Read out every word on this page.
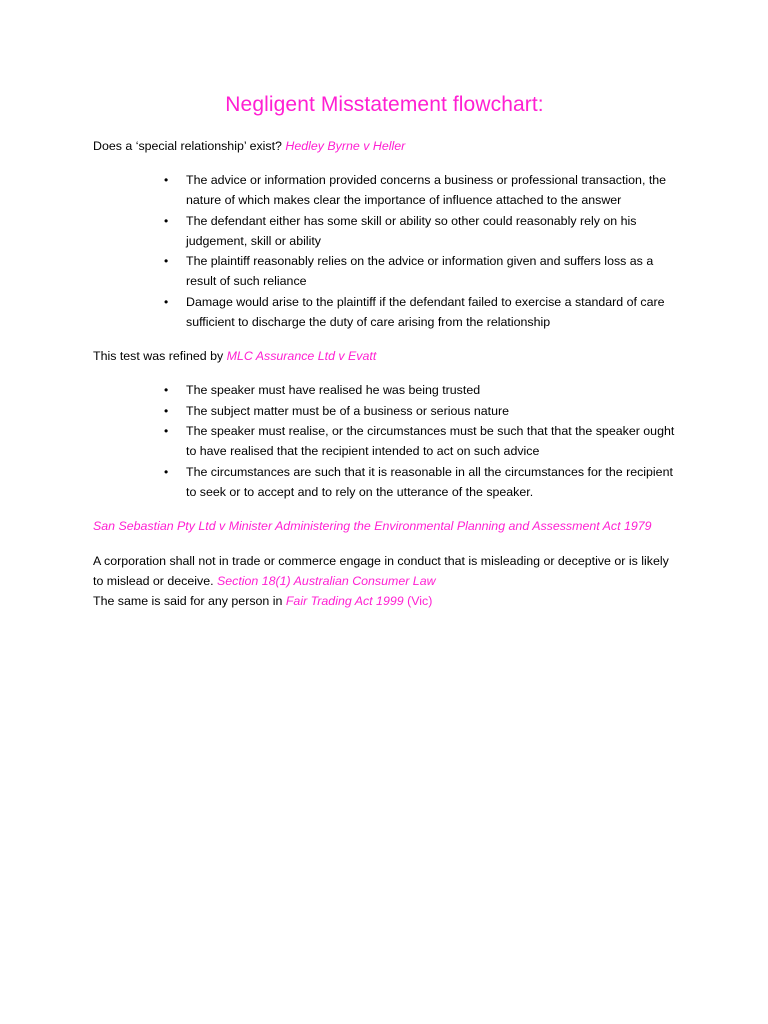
Negligent Misstatement flowchart:

Does a ‘special relationship’ exist? Hedley Byrne v Heller

• The advice or information provided concerns a business or professional transaction, the nature of which makes clear the importance of influence attached to the answer
• The defendant either has some skill or ability so other could reasonably rely on his judgement, skill or ability
• The plaintiff reasonably relies on the advice or information given and suffers loss as a result of such reliance
• Damage would arise to the plaintiff if the defendant failed to exercise a standard of care sufficient to discharge the duty of care arising from the relationship

This test was refined by MLC Assurance Ltd v Evatt

• The speaker must have realised he was being trusted
• The subject matter must be of a business or serious nature
• The speaker must realise, or the circumstances must be such that that the speaker ought to have realised that the recipient intended to act on such advice
• The circumstances are such that it is reasonable in all the circumstances for the recipient to seek or to accept and to rely on the utterance of the speaker.

San Sebastian Pty Ltd v Minister Administering the Environmental Planning and Assessment Act 1979

A corporation shall not in trade or commerce engage in conduct that is misleading or deceptive or is likely to mislead or deceive. Section 18(1) Australian Consumer Law
The same is said for any person in Fair Trading Act 1999 (Vic)
